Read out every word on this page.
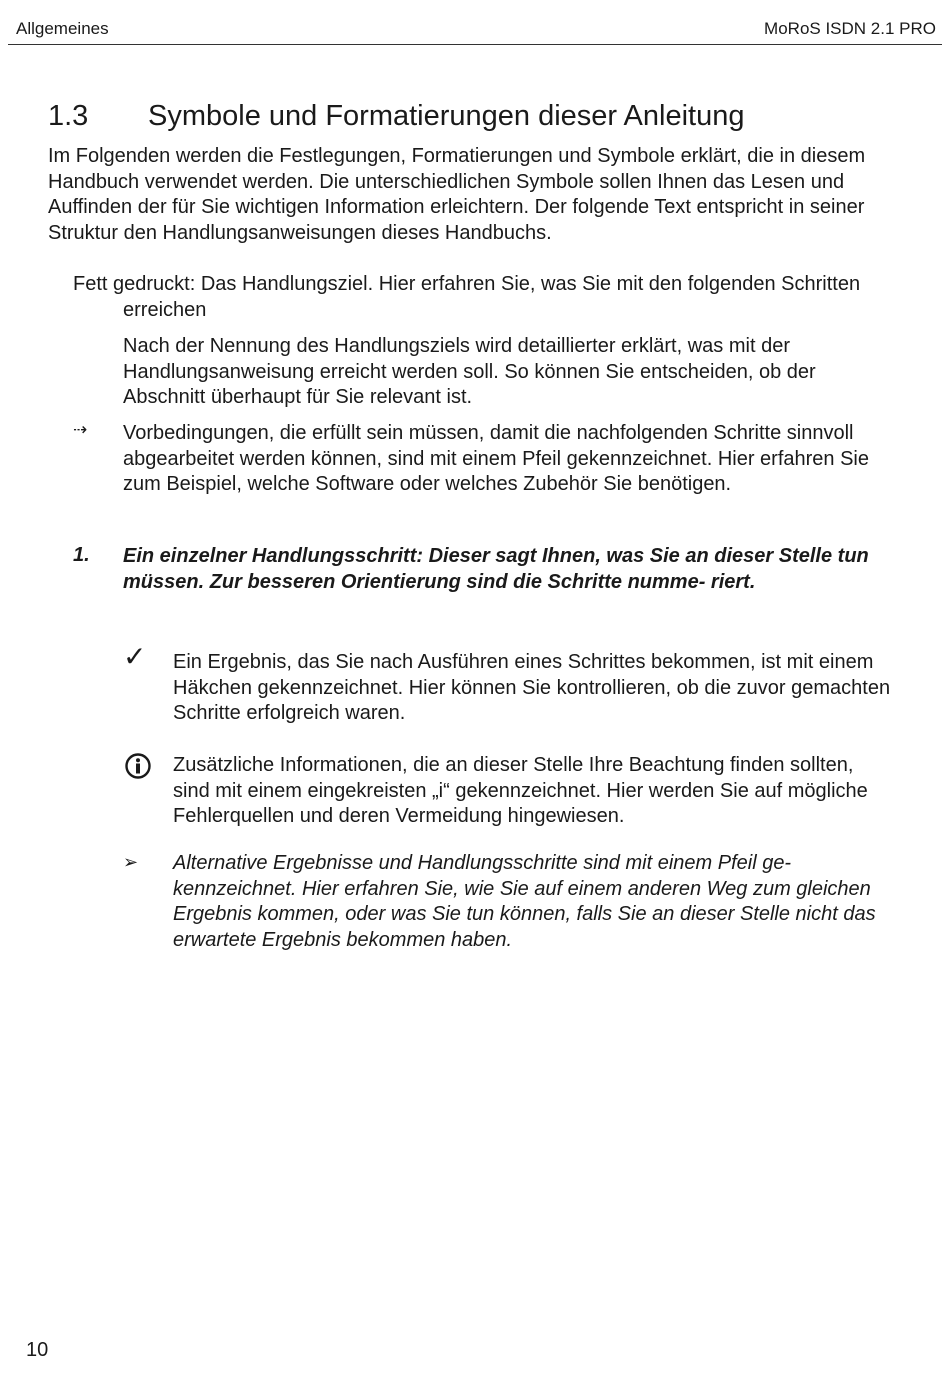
Allgemeines	MoRoS ISDN 2.1 PRO
1.3 Symbole und Formatierungen dieser Anleitung
Im Folgenden werden die Festlegungen, Formatierungen und Symbole erklärt, die in diesem Handbuch verwendet werden. Die unterschiedlichen Symbole sollen Ihnen das Lesen und Auffinden der für Sie wichtigen Information erleichtern. Der folgende Text entspricht in seiner Struktur den Handlungsanweisungen dieses Handbuchs.
Fett gedruckt: Das Handlungsziel. Hier erfahren Sie, was Sie mit den folgenden Schritten erreichen
Nach der Nennung des Handlungsziels wird detaillierter erklärt, was mit der Handlungsanweisung erreicht werden soll. So können Sie entscheiden, ob der Abschnitt überhaupt für Sie relevant ist.
⇢ Vorbedingungen, die erfüllt sein müssen, damit die nachfolgenden Schritte sinnvoll abgearbeitet werden können, sind mit einem Pfeil gekennzeichnet. Hier erfahren Sie zum Beispiel, welche Software oder welches Zubehör Sie benötigen.
1. Ein einzelner Handlungsschritt: Dieser sagt Ihnen, was Sie an dieser Stelle tun müssen. Zur besseren Orientierung sind die Schritte numme- riert.
✓ Ein Ergebnis, das Sie nach Ausführen eines Schrittes bekommen, ist mit einem Häkchen gekennzeichnet. Hier können Sie kontrollieren, ob die zuvor gemachten Schritte erfolgreich waren.
Zusätzliche Informationen, die an dieser Stelle Ihre Beachtung finden sollten, sind mit einem eingekreisten „i“ gekennzeichnet. Hier werden Sie auf mögliche Fehlerquellen und deren Vermeidung hingewiesen.
➢ Alternative Ergebnisse und Handlungsschritte sind mit einem Pfeil ge- kennzeichnet. Hier erfahren Sie, wie Sie auf einem anderen Weg zum gleichen Ergebnis kommen, oder was Sie tun können, falls Sie an dieser Stelle nicht das erwartete Ergebnis bekommen haben.
10
